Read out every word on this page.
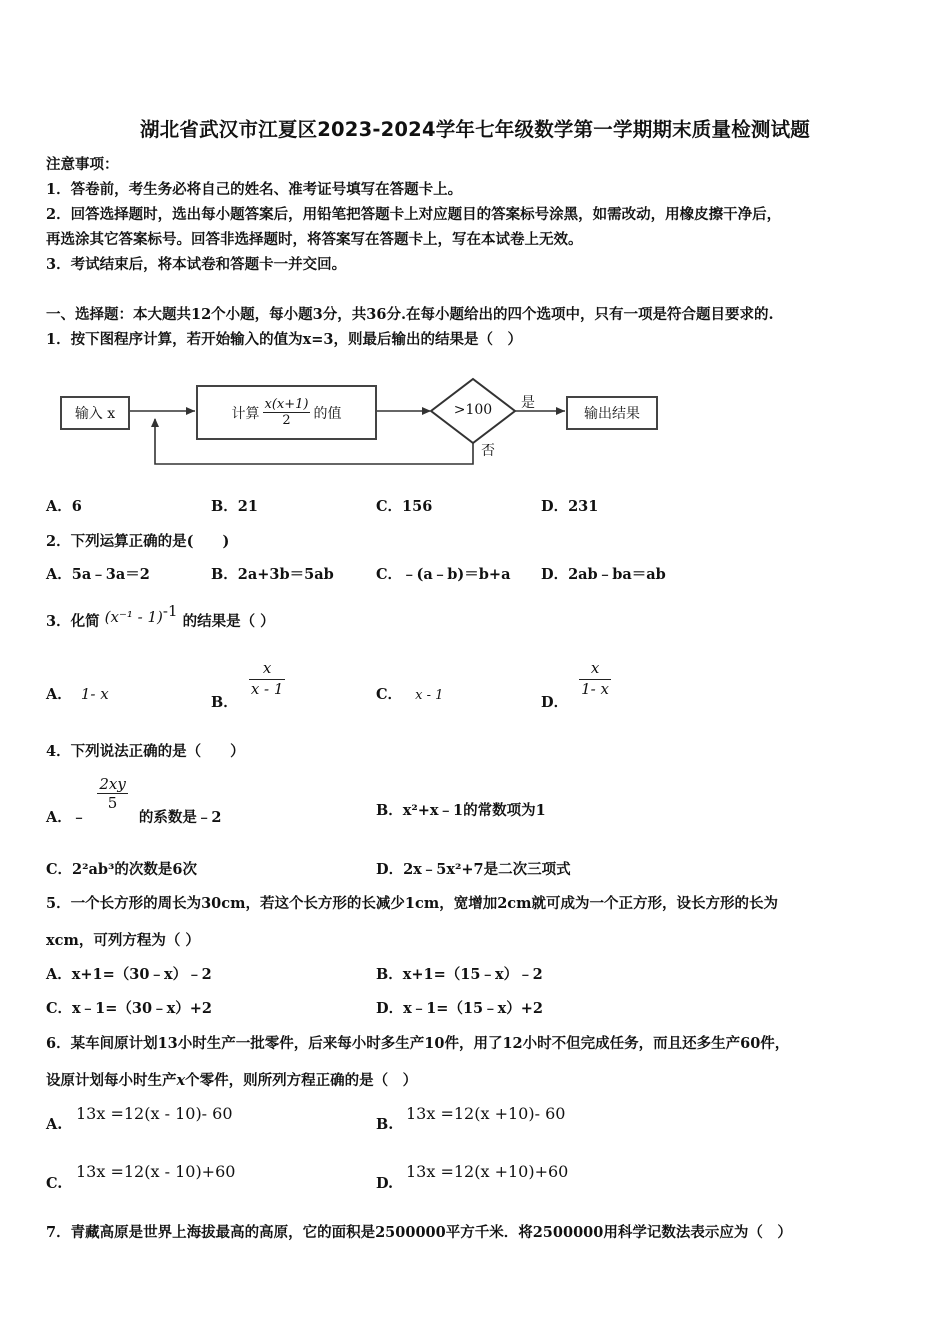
湖北省武汉市江夏区2023-2024学年七年级数学第一学期期末质量检测试题
注意事项：
1．答卷前，考生务必将自己的姓名、准考证号填写在答题卡上。
2．回答选择题时，选出每小题答案后，用铅笔把答题卡上对应题目的答案标号涂黑，如需改动，用橡皮擦干净后，
再选涂其它答案标号。回答非选择题时，将答案写在答题卡上，写在本试卷上无效。
3．考试结束后，将本试卷和答题卡一并交回。
一、选择题：本大题共12个小题，每小题3分，共36分.在每小题给出的四个选项中，只有一项是符合题目要求的.
1．按下图程序计算，若开始输入的值为x=3，则最后输出的结果是（　）
输入 x	计算 $\frac{x(x+1)}{2}$ 的值	>100 是
否
输出结果
A．6	B．21	C．156	D．231
2．下列运算正确的是(　　)
A．5a﹣3a＝2	B．2a+3b＝5ab	C．﹣(a﹣b)＝b+a D．2ab﹣ba＝ab
3．化简 (x⁻¹ - 1)$^{-1}$ 的结果是（ ）
A． 1- x	B．
$\frac{x}{x - 1}$	C． x - 1	D．
$\frac{x}{1- x}$
4．下列说法正确的是（　　）
A．﹣
$\frac{2xy}{5}$
的系数是﹣2	B．x²+x﹣1的常数项为1
C．2²ab³的次数是6次	D．2x﹣5x²+7是二次三项式
5．一个长方形的周长为30cm，若这个长方形的长减少1cm，宽增加2cm就可成为一个正方形，设长方形的长为
xcm，可列方程为（ ）
A．x+1=（30﹣x）﹣2	B．x+1=（15﹣x）﹣2
C．x﹣1=（30﹣x）+2	D．x﹣1=（15﹣x）+2
6．某车间原计划13小时生产一批零件，后来每小时多生产10件，用了12小时不但完成任务，而且还多生产60件，
设原计划每小时生产x个零件，则所列方程正确的是（　）
A.
13x =12(x - 10)- 60
B.
13x =12(x +10)- 60
C.
13x =12(x - 10)+60
D.
13x =12(x +10)+60
7．青藏高原是世界上海拔最高的高原，它的面积是2500000平方千米．将2500000用科学记数法表示应为（　）
